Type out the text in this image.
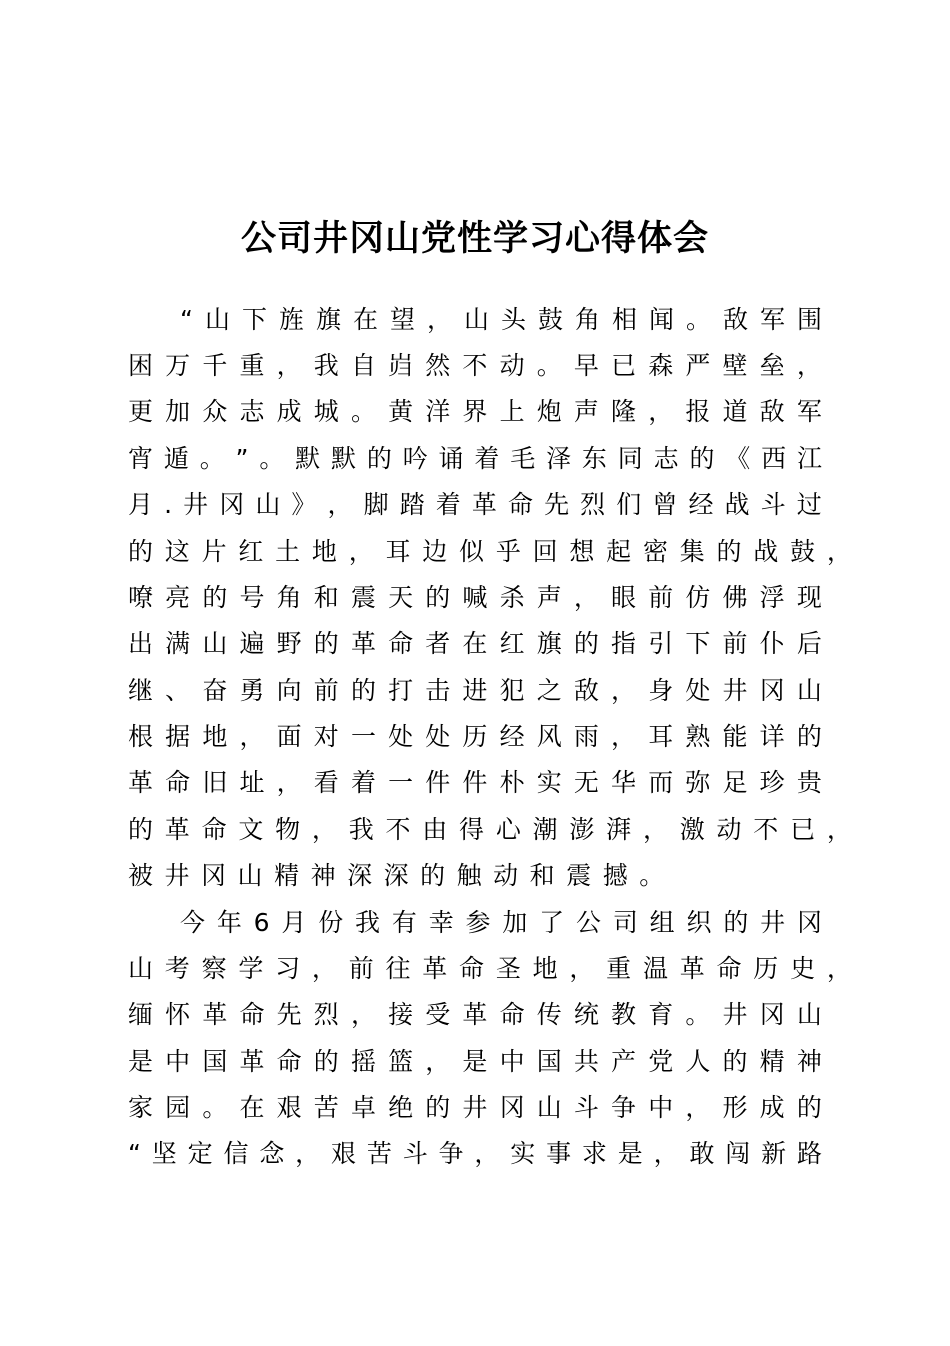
公司井冈山党性学习心得体会
“ 山 下 旌 旗 在 望 ， 山 头 鼓 角 相 闻 。 敌 军 围
困 万 千 重 ， 我 自 岿 然 不 动 。 早 已 森 严 壁 垒 ，
更 加 众 志 成 城 。 黄 洋 界 上 炮 声 隆 ， 报 道 敌 军
宵 遁 。 ” 。 默 默 的 吟 诵 着 毛 泽 东 同 志 的 《 西 江
月 . 井 冈 山 》 ， 脚 踏 着 革 命 先 烈 们 曾 经 战 斗 过
的 这 片 红 土 地 ， 耳 边 似 乎 回 想 起 密 集 的 战 鼓 ，
嘹 亮 的 号 角 和 震 天 的 喊 杀 声 ， 眼 前 仿 佛 浮 现
出 满 山 遍 野 的 革 命 者 在 红 旗 的 指 引 下 前 仆 后
继 、 奋 勇 向 前 的 打 击 进 犯 之 敌 ， 身 处 井 冈 山
根 据 地 ， 面 对 一 处 处 历 经 风 雨 ， 耳 熟 能 详 的
革 命 旧 址 ， 看 着 一 件 件 朴 实 无 华 而 弥 足 珍 贵
的 革 命 文 物 ， 我 不 由 得 心 潮 澎 湃 ， 激 动 不 已 ，
被 井 冈 山 精 神 深 深 的 触 动 和 震 撼 。
今 年 6 月 份 我 有 幸 参 加 了 公 司 组 织 的 井 冈
山 考 察 学 习 ， 前 往 革 命 圣 地 ， 重 温 革 命 历 史 ，
缅 怀 革 命 先 烈 ， 接 受 革 命 传 统 教 育 。 井 冈 山
是 中 国 革 命 的 摇 篮 ， 是 中 国 共 产 党 人 的 精 神
家 园 。 在 艰 苦 卓 绝 的 井 冈 山 斗 争 中 ， 形 成 的
“ 坚 定 信 念 ， 艰 苦 斗 争 ， 实 事 求 是 ， 敢 闯 新 路
